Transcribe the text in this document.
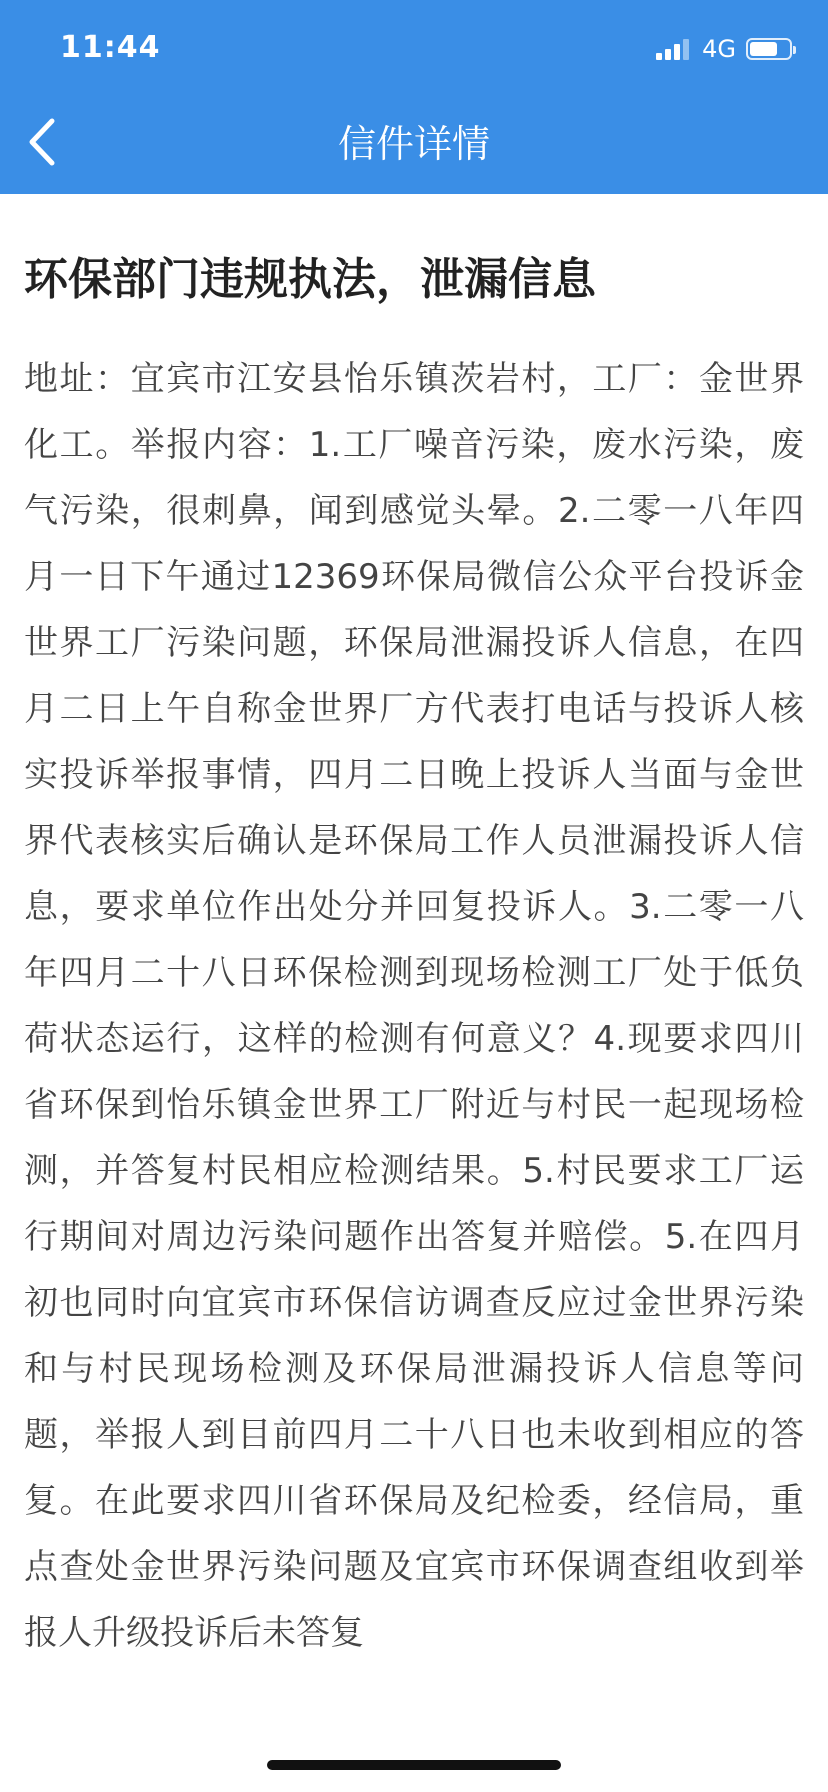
11:44	4G
信件详情
环保部门违规执法，泄漏信息

地址：宜宾市江安县怡乐镇茨岩村，工厂：金世界化工。举报内容：1.工厂噪音污染，废水污染，废气污染，很刺鼻，闻到感觉头晕。2.二零一八年四月一日下午通过12369环保局微信公众平台投诉金世界工厂污染问题，环保局泄漏投诉人信息，在四月二日上午自称金世界厂方代表打电话与投诉人核实投诉举报事情，四月二日晚上投诉人当面与金世界代表核实后确认是环保局工作人员泄漏投诉人信息，要求单位作出处分并回复投诉人。3.二零一八年四月二十八日环保检测到现场检测工厂处于低负荷状态运行，这样的检测有何意义？4.现要求四川省环保到怡乐镇金世界工厂附近与村民一起现场检测，并答复村民相应检测结果。5.村民要求工厂运行期间对周边污染问题作出答复并赔偿。5.在四月初也同时向宜宾市环保信访调查反应过金世界污染和与村民现场检测及环保局泄漏投诉人信息等问题，举报人到目前四月二十八日也未收到相应的答复。在此要求四川省环保局及纪检委，经信局，重点查处金世界污染问题及宜宾市环保调查组收到举报人升级投诉后未答复
